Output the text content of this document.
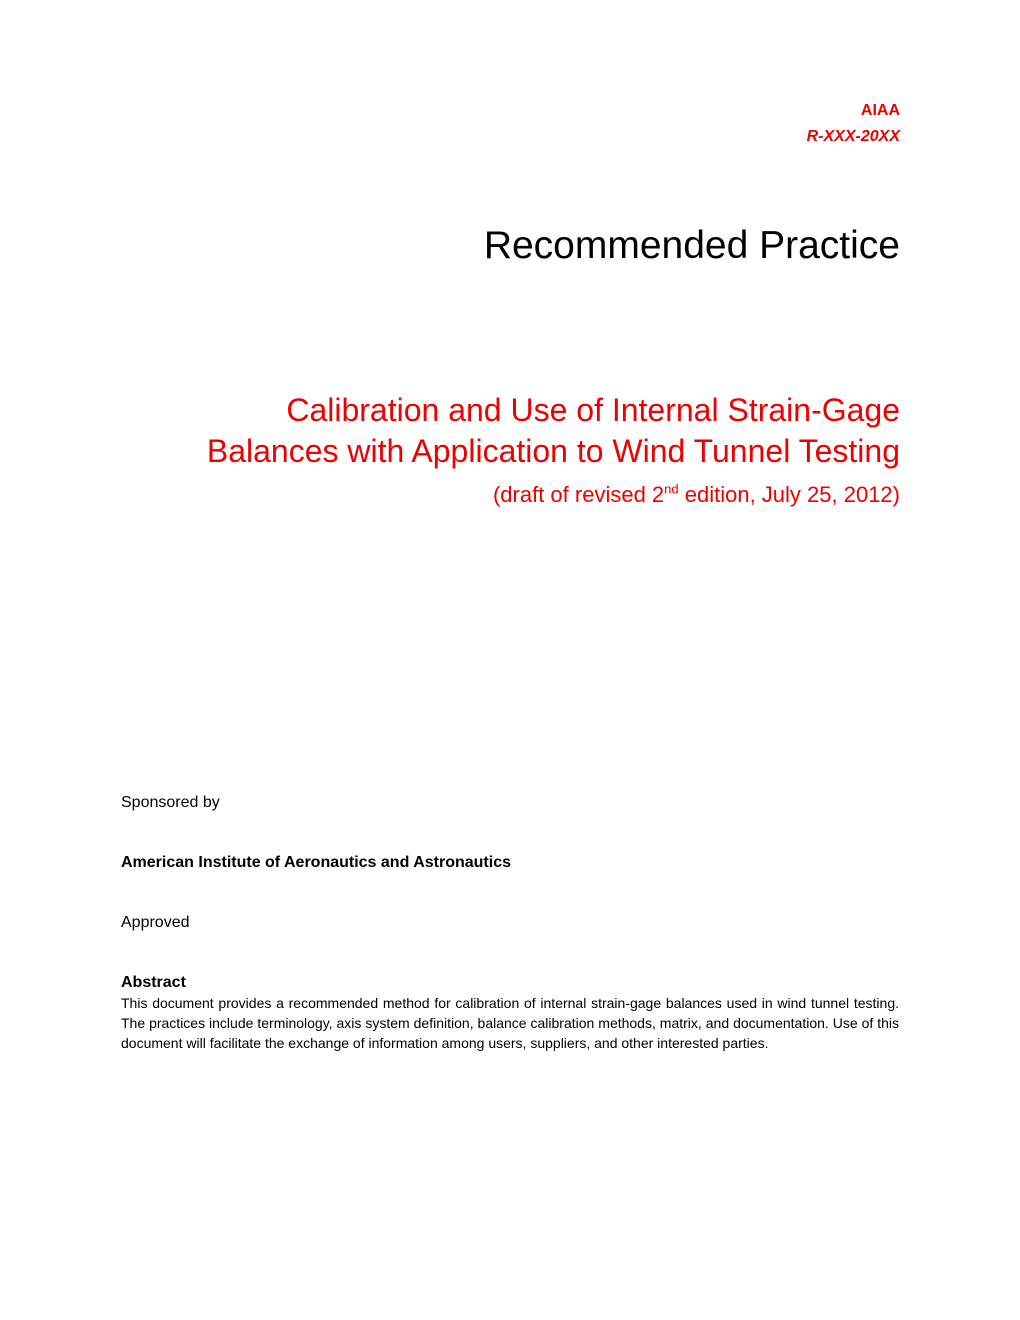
AIAA
R-XXX-20XX
Recommended Practice
Calibration and Use of Internal Strain-Gage
Balances with Application to Wind Tunnel Testing
(draft of revised 2nd edition, July 25, 2012)
Sponsored by
American Institute of Aeronautics and Astronautics
Approved
Abstract

This document provides a recommended method for calibration of internal strain-gage balances used in wind tunnel testing. The practices include terminology, axis system definition, balance calibration methods, matrix, and documentation. Use of this document will facilitate the exchange of information among users, suppliers, and other interested parties.
